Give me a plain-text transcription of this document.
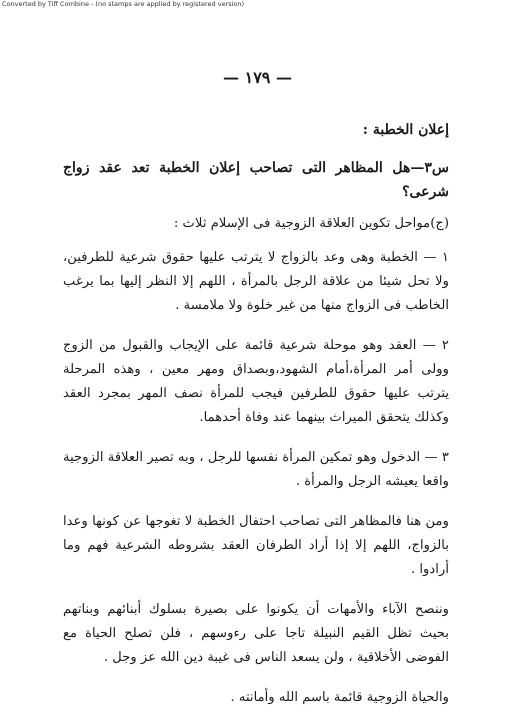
Converted by Tiff Combine - (no stamps are applied by registered version)
— ١٧٩ —

إعلان الخطبة :

س٣—هل المظاهر التى تصاحب إعلان الخطبة تعد عقد زواج شرعى؟

(ج)مواحل تكوين العلاقة الزوجية فى الإسلام ثلاث :

١ — الخطبة وهى وعد بالزواج لا يترتب عليها حقوق شرعية للطرفين، ولا تحل شيئا من علاقة الرجل بالمرأة ، اللهم إلا النظر إليها بما يرغب الخاطب فى الزواج منها من غير خلوة ولا ملامسة .

٢ — العقد وهو موحلة شرعية قائمة على الإيجاب والقبول من الزوج وولى أمر المرأة،أمام الشهود،وبصداق ومهر معين ، وهذه المرحلة يترتب عليها حقوق للطرفين فيجب للمرأة نصف المهر بمجرد العقد وكذلك يتحقق الميراث بينهما عند وفاة أحدهما.

٣ — الدخول وهو تمكين المرأة نفسها للرجل ، وبه تصير العلاقة الزوجية واقعا يعيشه الرجل والمرأة .

ومن هنا فالمظاهر التى تصاحب احتفال الخطبة لا تغوجها عن كونها وعدا بالزواج، اللهم إلا إذا أراد الطرفان العقد بشروطه الشرعية فهم وما أرادوا .

وننصح الآباء والأمهات أن يكونوا على بصيرة بسلوك أبنائهم وبناتهم بحيث تظل القيم النبيلة تاجا على رءوسهم ، فلن تصلح الحياة مع الفوضى الأخلاقية ، ولن يسعد الناس فى غيبة دين الله عز وجل .

والحياة الزوجية قائمة باسم الله وأمانته .
